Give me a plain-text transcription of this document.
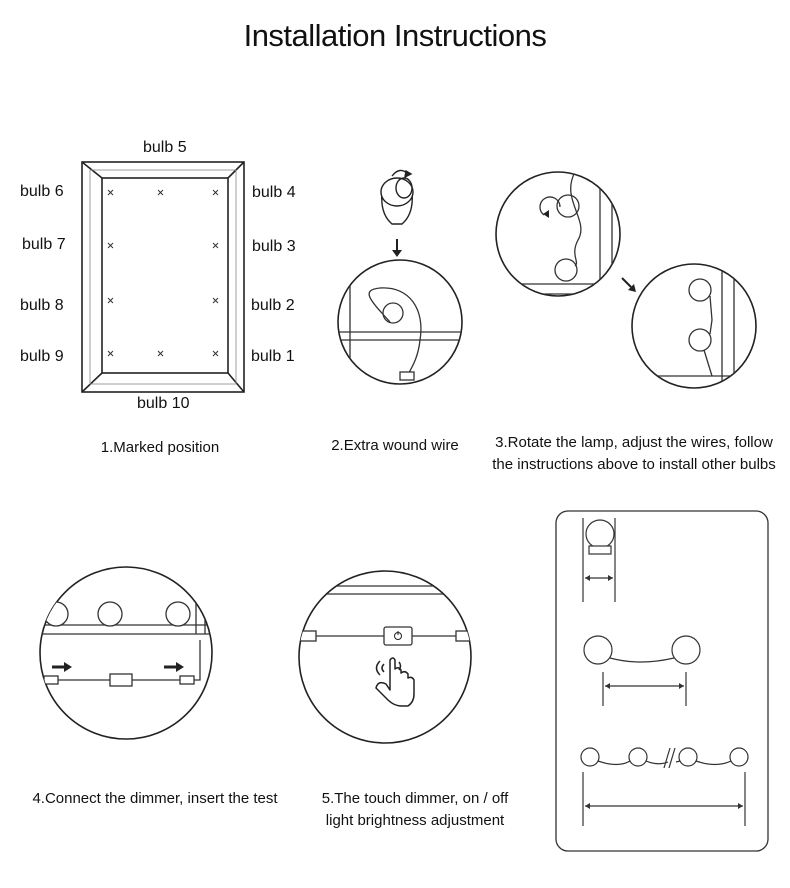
Installation Instructions
bulb 5
bulb 6	bulb 4
bulb 7	bulb 3
bulb 8	bulb 2
bulb 9	bulb 1
bulb 10
1.Marked position	2.Extra wound wire	3.Rotate the lamp, adjust the wires, follow
the instructions above to install other bulbs
4.Connect the dimmer, insert the test	5.The touch dimmer, on / off
light brightness adjustment
